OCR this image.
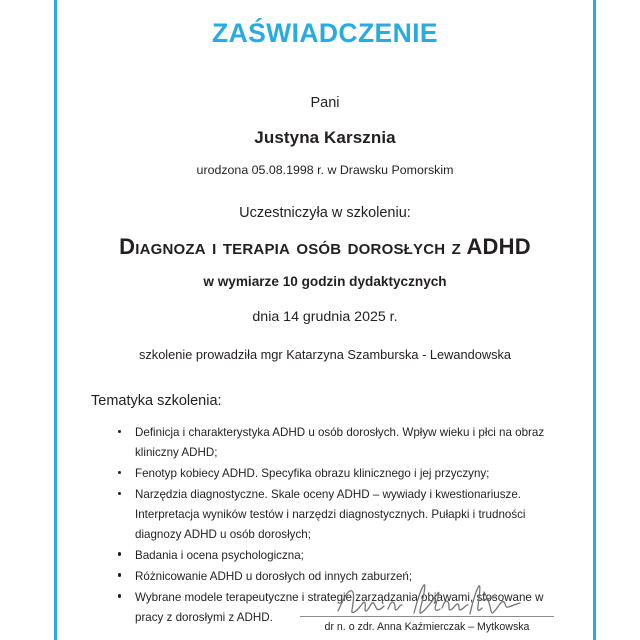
ZAŚWIADCZENIE

Pani

Justyna Karsznia

urodzona 05.08.1998 r. w Drawsku Pomorskim

Uczestniczyła w szkoleniu:

Diagnoza i terapia osób dorosłych z ADHD

w wymiarze 10 godzin dydaktycznych

dnia 14 grudnia 2025 r.

szkolenie prowadziła mgr Katarzyna Szamburska - Lewandowska

Tematyka szkolenia:

Definicja i charakterystyka ADHD u osób dorosłych. Wpływ wieku i płci na obraz kliniczny ADHD;
Fenotyp kobiecy ADHD. Specyfika obrazu klinicznego i jej przyczyny;
Narzędzia diagnostyczne. Skale oceny ADHD – wywiady i kwestionariusze. Interpretacja wyników testów i narzędzi diagnostycznych. Pułapki i trudności diagnozy ADHD u osób dorosłych;
Badania i ocena psychologiczna;
Różnicowanie ADHD u dorosłych od innych zaburzeń;
Wybrane modele terapeutyczne i strategie zarządzania objawami, stosowane w pracy z dorosłymi z ADHD.
dr n. o zdr. Anna Kaźmierczak – Mytkowska
